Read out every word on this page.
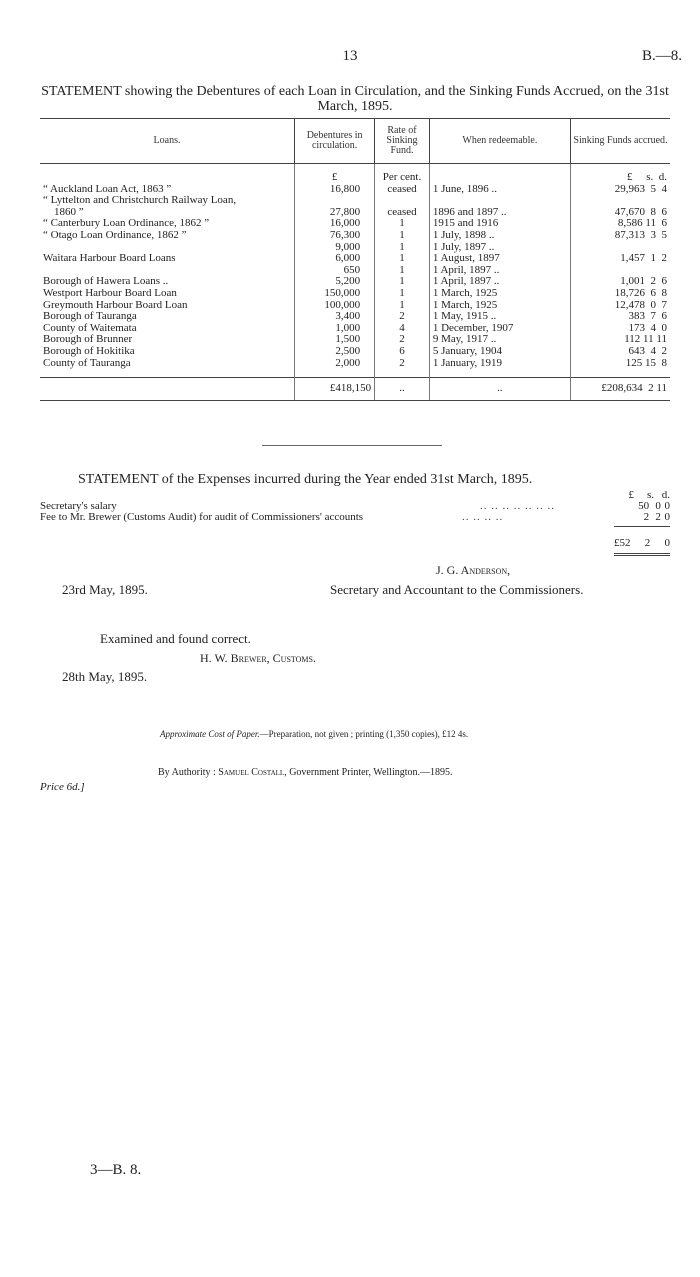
13	B.—8.
STATEMENT showing the Debentures of each Loan in Circulation, and the Sinking Funds Accrued, on the 31st March, 1895.
Loans.	Debentures in circulation.	Rate of Sinking Fund.	When redeemable.	Sinking Funds accrued.

	£	Per cent.		£     s.  d.
“ Auckland Loan Act, 1863 ”	16,800	ceased	1 June, 1896 ..	29,963  5  4
“ Lyttelton and Christchurch Railway Loan,				
1860 ”	27,800	ceased	1896 and 1897 ..	47,670  8  6
“ Canterbury Loan Ordinance, 1862 ”	16,000	1	1915 and 1916	8,586 11  6
“ Otago Loan Ordinance, 1862 ”	76,300	1	1 July, 1898 ..	87,313  3  5
	9,000	1	1 July, 1897 ..	
Waitara Harbour Board Loans	6,000	1	1 August, 1897	1,457  1  2
	650	1	1 April, 1897 ..	
Borough of Hawera Loans ..	5,200	1	1 April, 1897 ..	1,001  2  6
Westport Harbour Board Loan	150,000	1	1 March, 1925	18,726  6  8
Greymouth Harbour Board Loan	100,000	1	1 March, 1925	12,478  0  7
Borough of Tauranga	3,400	2	1 May, 1915 ..	383  7  6
County of Waitemata	1,000	4	1 December, 1907	173  4  0
Borough of Brunner	1,500	2	9 May, 1917 ..	112 11 11
Borough of Hokitika	2,500	6	5 January, 1904	643  4  2
County of Tauranga	2,000	2	1 January, 1919	125 15  8

	£418,150	..	..	£208,634  2 11
STATEMENT of the Expenses incurred during the Year ended 31st March, 1895.
£	s. d.
Secretary's salary	.. .. .. .. .. .. ..	50 0 0
Fee to Mr. Brewer (Customs Audit) for audit of Commissioners' accounts	.. .. .. ..	2 2 0
£52 2 0
J. G. Anderson,
23rd May, 1895.	Secretary and Accountant to the Commissioners.
Examined and found correct.
H. W. Brewer, Customs.
28th May, 1895.
Approximate Cost of Paper.—Preparation, not given ; printing (1,350 copies), £12 4s.
By Authority : Samuel Costall, Government Printer, Wellington.—1895.
Price 6d.]
3—B. 8.
